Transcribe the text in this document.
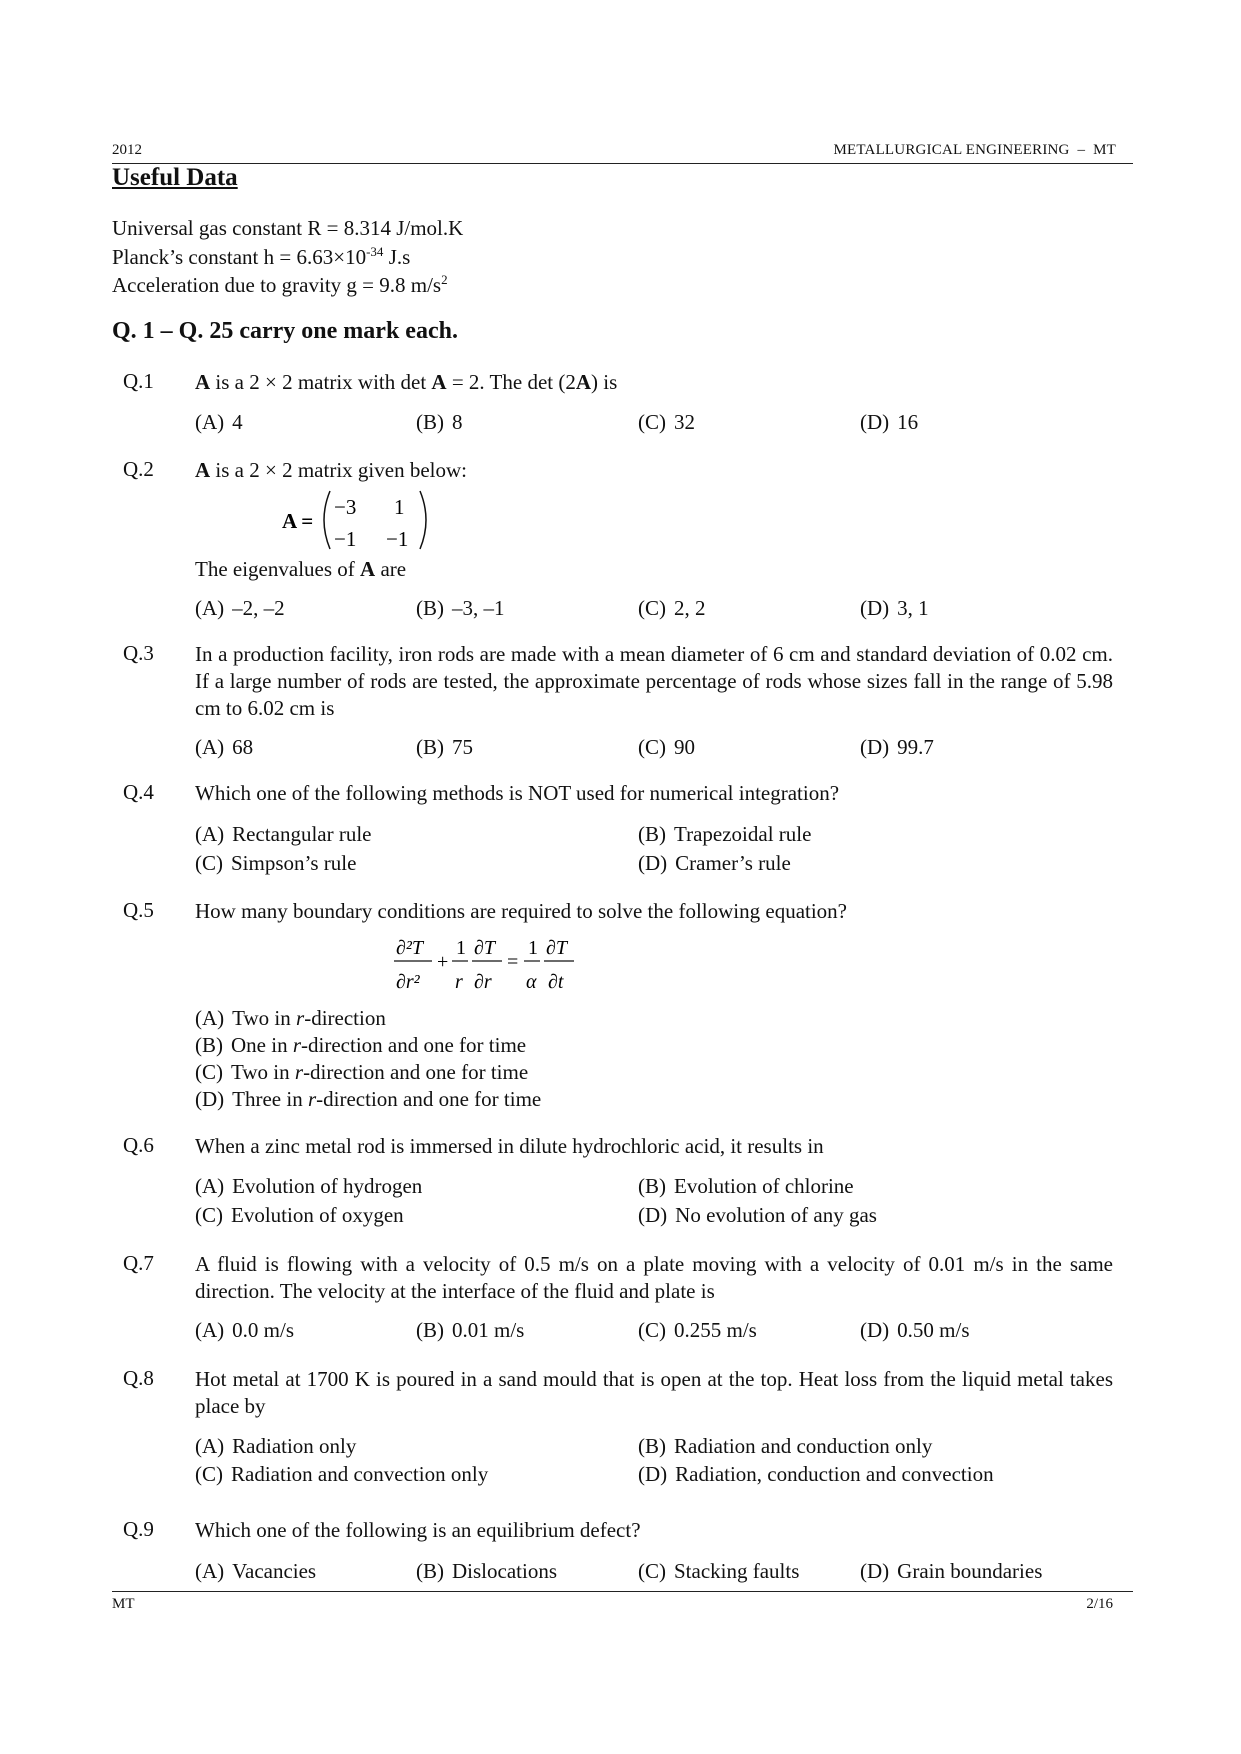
2012	METALLURGICAL ENGINEERING  –  MT
Useful Data
Universal gas constant R = 8.314 J/mol.K
Planck’s constant $h = 6.63\times 10^{-34}$ J.s
Acceleration due to gravity g = 9.8 $m/s^2$
Q. 1 – Q. 25 carry one mark each.
Q.1 A is a 2 × 2 matrix with det A = 2. The det (2A) is
(A) 4	(B) 8	(C) 32	(D) 16
Q.2 A is a 2 × 2 matrix given below:
A =
−3 1
−1 −1
The eigenvalues of A are
(A) –2, –2	(B) –3, –1	(C) 2, 2	(D) 3, 1
Q.3 In a production facility, iron rods are made with a mean diameter of 6 cm and standard deviation of 0.02 cm. If a large number of rods are tested, the approximate percentage of rods whose sizes fall in the range of 5.98 cm to 6.02 cm is
(A) 68	(B) 75	(C) 90	(D) 99.7
Q.4 Which one of the following methods is NOT used for numerical integration?
(A) Rectangular rule	(B) Trapezoidal rule
(C) Simpson’s rule	(D) Cramer’s rule
Q.5 How many boundary conditions are required to solve the following equation?
∂²T
∂r²
+
1
r
∂T
∂r
=
1
α
∂T
∂t
(A) Two in r-direction
(B) One in r-direction and one for time
(C) Two in r-direction and one for time
(D) Three in r-direction and one for time
Q.6 When a zinc metal rod is immersed in dilute hydrochloric acid, it results in
(A) Evolution of hydrogen	(B) Evolution of chlorine
(C) Evolution of oxygen	(D) No evolution of any gas
Q.7 A fluid is flowing with a velocity of 0.5 m/s on a plate moving with a velocity of 0.01 m/s in the same direction. The velocity at the interface of the fluid and plate is
(A) 0.0 m/s	(B) 0.01 m/s	(C) 0.255 m/s	(D) 0.50 m/s
Q.8 Hot metal at 1700 K is poured in a sand mould that is open at the top. Heat loss from the liquid metal takes place by
(A) Radiation only	(B) Radiation and conduction only
(C) Radiation and convection only	(D) Radiation, conduction and convection
Q.9 Which one of the following is an equilibrium defect?
(A) Vacancies	(B) Dislocations	(C) Stacking faults	(D) Grain boundaries
MT	2/16
